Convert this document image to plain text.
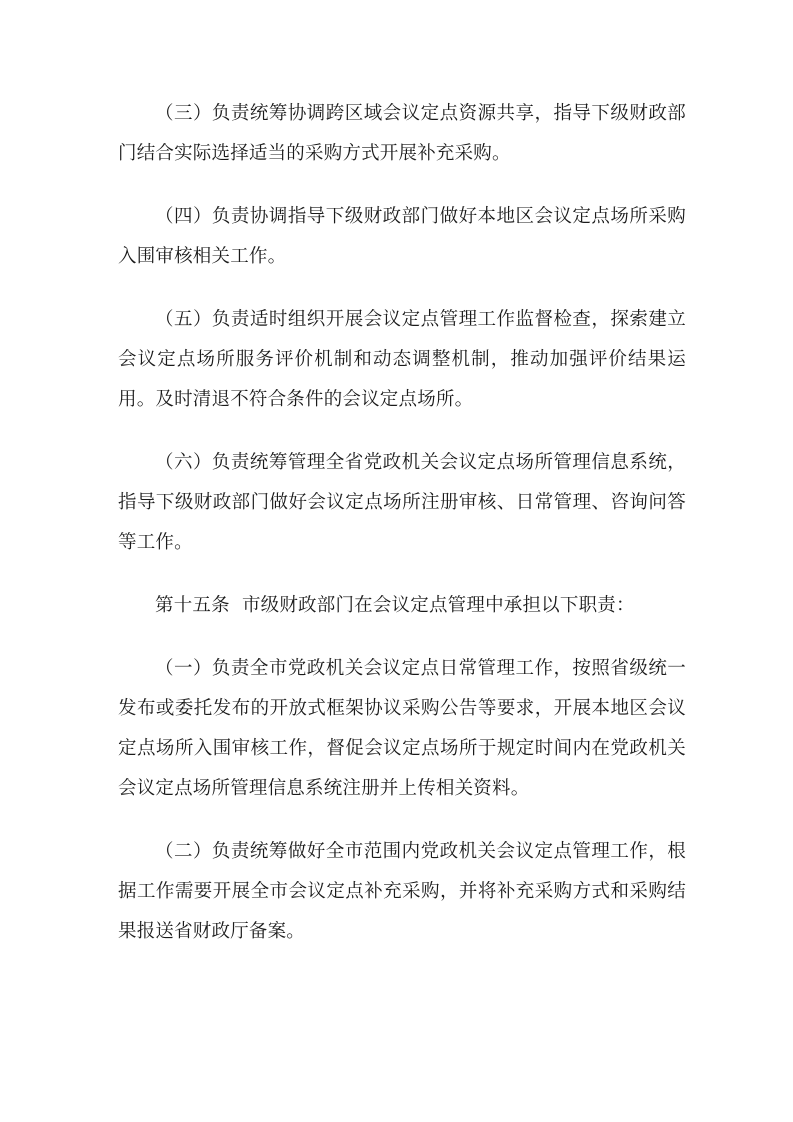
（三）负责统筹协调跨区域会议定点资源共享，指导下级财政部门结合实际选择适当的采购方式开展补充采购。

（四）负责协调指导下级财政部门做好本地区会议定点场所采购入围审核相关工作。

（五）负责适时组织开展会议定点管理工作监督检查，探索建立会议定点场所服务评价机制和动态调整机制，推动加强评价结果运用。及时清退不符合条件的会议定点场所。

（六）负责统筹管理全省党政机关会议定点场所管理信息系统，指导下级财政部门做好会议定点场所注册审核、日常管理、咨询问答等工作。

第十五条  市级财政部门在会议定点管理中承担以下职责：

（一）负责全市党政机关会议定点日常管理工作，按照省级统一发布或委托发布的开放式框架协议采购公告等要求，开展本地区会议定点场所入围审核工作，督促会议定点场所于规定时间内在党政机关会议定点场所管理信息系统注册并上传相关资料。

（二）负责统筹做好全市范围内党政机关会议定点管理工作，根据工作需要开展全市会议定点补充采购，并将补充采购方式和采购结果报送省财政厅备案。
